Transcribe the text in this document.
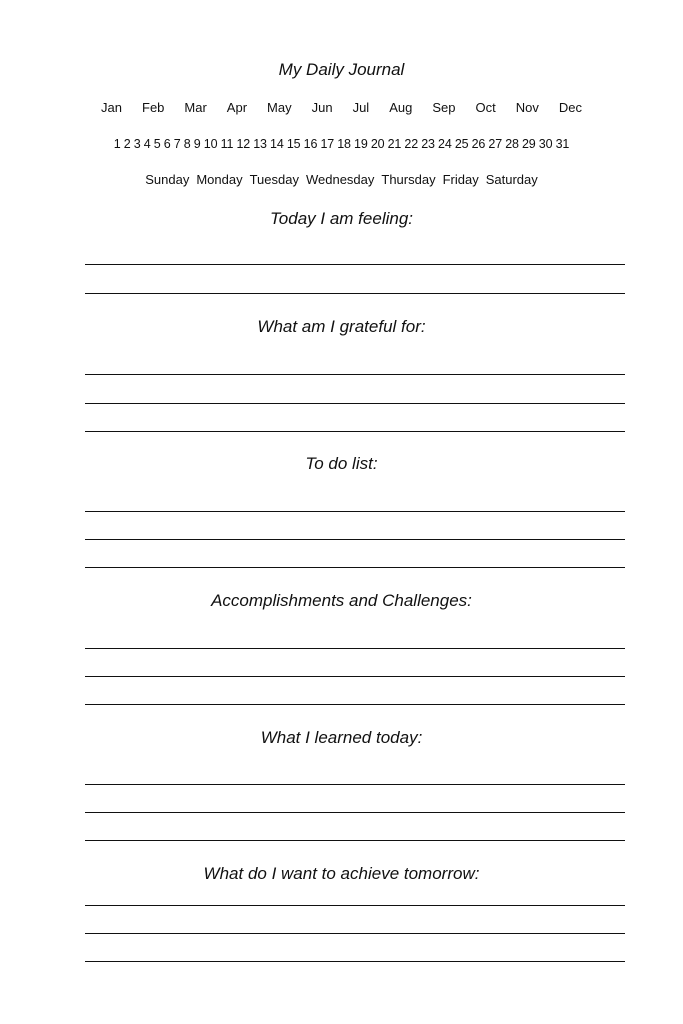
My Daily Journal
Jan Feb Mar Apr May Jun Jul Aug Sep Oct Nov Dec
1 2 3 4 5 6 7 8 9 10 11 12 13 14 15 16 17 18 19 20 21 22 23 24 25 26 27 28 29 30 31
Sunday Monday Tuesday Wednesday Thursday Friday Saturday
Today I am feeling:
What am I grateful for:
To do list:
Accomplishments and Challenges:
What I learned today:
What do I want to achieve tomorrow:
